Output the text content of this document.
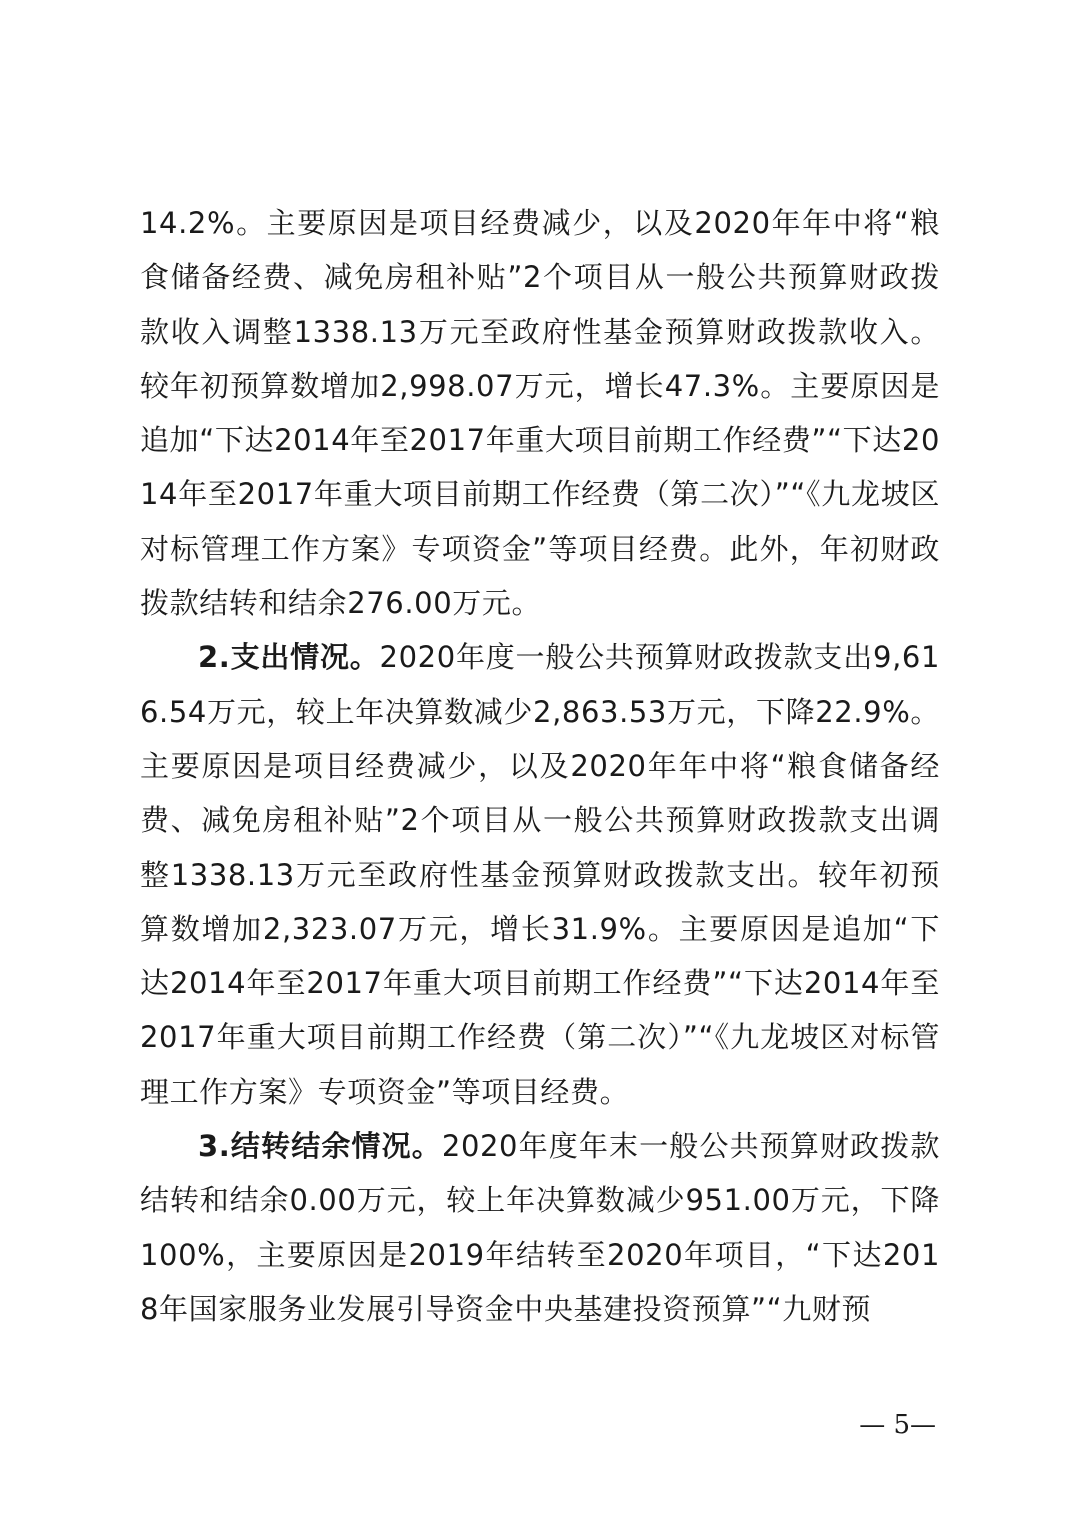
14.2%。主要原因是项目经费减少，以及2020年年中将“粮食储备经费、减免房租补贴”2个项目从一般公共预算财政拨款收入调整1338.13万元至政府性基金预算财政拨款收入。较年初预算数增加2,998.07万元，增长47.3%。主要原因是追加“下达2014年至2017年重大项目前期工作经费”“下达2014年至2017年重大项目前期工作经费（第二次）”“《九龙坡区对标管理工作方案》专项资金”等项目经费。此外，年初财政拨款结转和结余276.00万元。

2.支出情况。2020年度一般公共预算财政拨款支出9,616.54万元，较上年决算数减少2,863.53万元，下降22.9%。主要原因是项目经费减少，以及2020年年中将“粮食储备经费、减免房租补贴”2个项目从一般公共预算财政拨款支出调整1338.13万元至政府性基金预算财政拨款支出。较年初预算数增加2,323.07万元，增长31.9%。主要原因是追加“下达2014年至2017年重大项目前期工作经费”“下达2014年至2017年重大项目前期工作经费（第二次）”“《九龙坡区对标管理工作方案》专项资金”等项目经费。

3.结转结余情况。2020年度年末一般公共预算财政拨款结转和结余0.00万元，较上年决算数减少951.00万元，下降100%，主要原因是2019年结转至2020年项目，“下达2018年国家服务业发展引导资金中央基建投资预算”“九财预

— 5—
